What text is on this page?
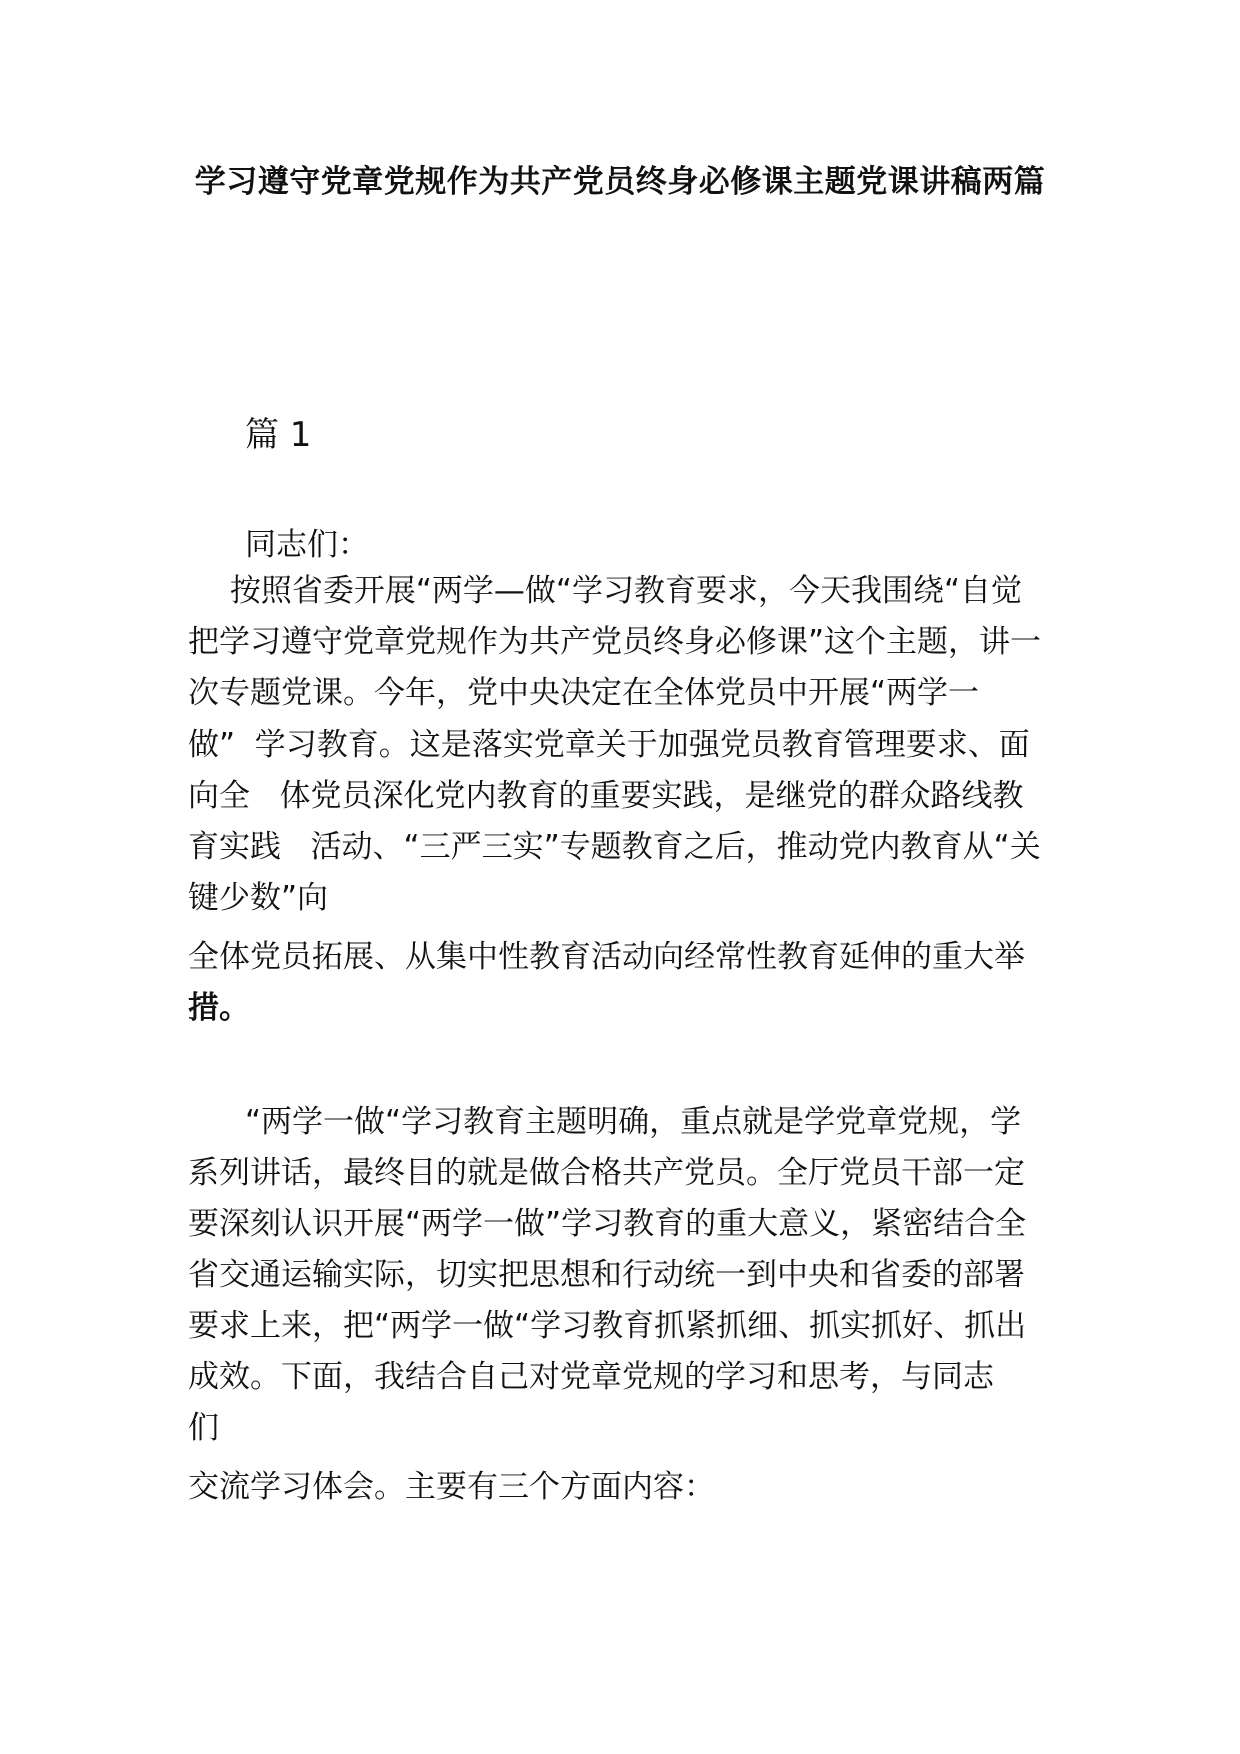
学习遵守党章党规作为共产党员终身必修课主题党课讲稿两篇
篇 1
同志们：
按照省委开展“两学—做“学习教育要求，今天我围绕“自觉
把学习遵守党章党规作为共产党员终身必修课”这个主题，讲一
次专题党课。今年，党中央决定在全体党员中开展“两学一
做”  学习教育。这是落实党章关于加强党员教育管理要求、面
向全   体党员深化党内教育的重要实践，是继党的群众路线教
育实践   活动、“三严三实”专题教育之后，推动党内教育从“关
键少数”向
全体党员拓展、从集中性教育活动向经常性教育延伸的重大举
措。
“两学一做“学习教育主题明确，重点就是学党章党规，学
系列讲话，最终目的就是做合格共产党员。全厅党员干部一定
要深刻认识开展“两学一做”学习教育的重大意义，紧密结合全
省交通运输实际，切实把思想和行动统一到中央和省委的部署
要求上来，把“两学一做“学习教育抓紧抓细、抓实抓好、抓出
成效。下面，我结合自己对党章党规的学习和思考，与同志
们
交流学习体会。主要有三个方面内容：
